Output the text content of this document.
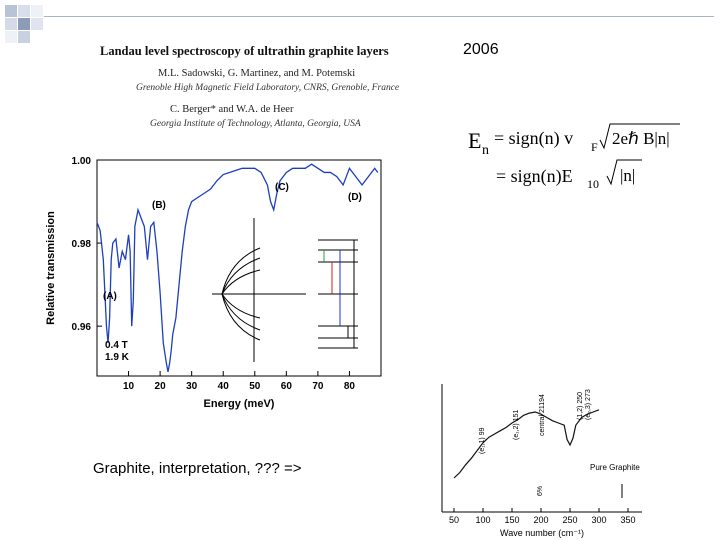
Landau level spectroscopy of ultrathin graphite layers
M.L. Sadowski, G. Martinez, and M. Potemski
Grenoble High Magnetic Field Laboratory, CNRS, Grenoble, France
C. Berger* and W.A. de Heer
Georgia Institute of Technology, Atlanta, Georgia, USA
2006
E n
= sign(n) v F 2eℏ B|n|
= sign(n)E 10 |n|
10 20 30 40 50 60 70 80
1.00
0.98
0.96
Relative transmission
Energy (meV)
(A)
(B)
(C)
(D)
0.4 T
1.9 K
50 100 150 200 250 300 350
Wave number (cm⁻¹)
(e₁,1) 99
(e₁,2) 151	central 21194	(1,2) 250 (e₂,3) 273
Pure Graphite
6%
Graphite, interpretation, ??? =>
